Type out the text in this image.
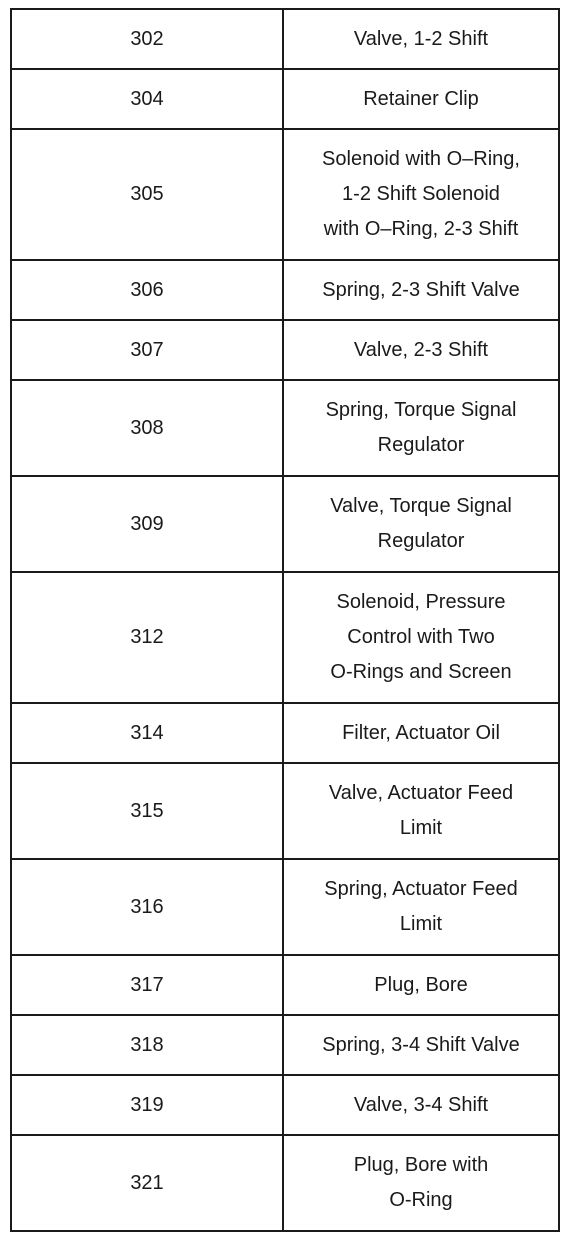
302	Valve, 1-2 Shift

304	Retainer Clip

305	Solenoid with O–Ring,
1-2 Shift Solenoid
with O–Ring, 2-3 Shift

306	Spring, 2-3 Shift Valve

307	Valve, 2-3 Shift

308	Spring, Torque Signal
Regulator

309	Valve, Torque Signal
Regulator

312	Solenoid, Pressure
Control with Two
O-Rings and Screen

314	Filter, Actuator Oil

315	Valve, Actuator Feed
Limit

316	Spring, Actuator Feed
Limit

317	Plug, Bore

318	Spring, 3-4 Shift Valve

319	Valve, 3-4 Shift

321	Plug, Bore with
O-Ring
